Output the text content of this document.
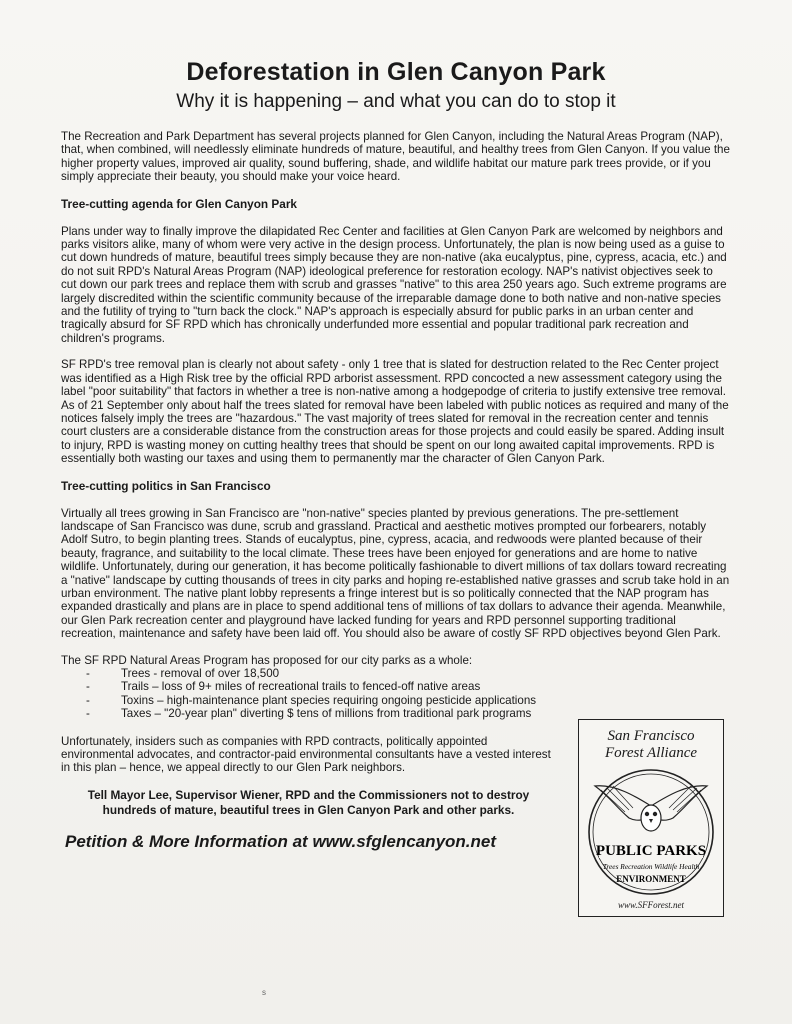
Deforestation in Glen Canyon Park
Why it is happening – and what you can do to stop it

The Recreation and Park Department has several projects planned for Glen Canyon, including the Natural Areas Program (NAP), that, when combined, will needlessly eliminate hundreds of mature, beautiful, and healthy trees from Glen Canyon. If you value the higher property values, improved air quality, sound buffering, shade, and wildlife habitat our mature park trees provide, or if you simply appreciate their beauty, you should make your voice heard.

Tree-cutting agenda for Glen Canyon Park

Plans under way to finally improve the dilapidated Rec Center and facilities at Glen Canyon Park are welcomed by neighbors and parks visitors alike, many of whom were very active in the design process. Unfortunately, the plan is now being used as a guise to cut down hundreds of mature, beautiful trees simply because they are non-native (aka eucalyptus, pine, cypress, acacia, etc.) and do not suit RPD's Natural Areas Program (NAP) ideological preference for restoration ecology. NAP's nativist objectives seek to cut down our park trees and replace them with scrub and grasses "native" to this area 250 years ago. Such extreme programs are largely discredited within the scientific community because of the irreparable damage done to both native and non-native species and the futility of trying to "turn back the clock." NAP's approach is especially absurd for public parks in an urban center and tragically absurd for SF RPD which has chronically underfunded more essential and popular traditional park recreation and children's programs.

SF RPD's tree removal plan is clearly not about safety - only 1 tree that is slated for destruction related to the Rec Center project was identified as a High Risk tree by the official RPD arborist assessment. RPD concocted a new assessment category using the label "poor suitability" that factors in whether a tree is non-native among a hodgepodge of criteria to justify extensive tree removal. As of 21 September only about half the trees slated for removal have been labeled with public notices as required and many of the notices falsely imply the trees are "hazardous." The vast majority of trees slated for removal in the recreation center and tennis court clusters are a considerable distance from the construction areas for those projects and could easily be spared. Adding insult to injury, RPD is wasting money on cutting healthy trees that should be spent on our long awaited capital improvements. RPD is essentially both wasting our taxes and using them to permanently mar the character of Glen Canyon Park.

Tree-cutting politics in San Francisco

Virtually all trees growing in San Francisco are "non-native" species planted by previous generations. The pre-settlement landscape of San Francisco was dune, scrub and grassland. Practical and aesthetic motives prompted our forbearers, notably Adolf Sutro, to begin planting trees. Stands of eucalyptus, pine, cypress, acacia, and redwoods were planted because of their beauty, fragrance, and suitability to the local climate. These trees have been enjoyed for generations and are home to native wildlife. Unfortunately, during our generation, it has become politically fashionable to divert millions of tax dollars toward recreating a "native" landscape by cutting thousands of trees in city parks and hoping re-established native grasses and scrub take hold in an urban environment. The native plant lobby represents a fringe interest but is so politically connected that the NAP program has expanded drastically and plans are in place to spend additional tens of millions of tax dollars to advance their agenda. Meanwhile, our Glen Park recreation center and playground have lacked funding for years and RPD personnel supporting traditional recreation, maintenance and safety have been laid off. You should also be aware of costly SF RPD objectives beyond Glen Park.

The SF RPD Natural Areas Program has proposed for our city parks as a whole:

-	Trees - removal of over 18,500
-	Trails – loss of 9+ miles of recreational trails to fenced-off native areas
-	Toxins – high-maintenance plant species requiring ongoing pesticide applications
-	Taxes – "20-year plan" diverting $ tens of millions from traditional park programs

Unfortunately, insiders such as companies with RPD contracts, politically appointed environmental advocates, and contractor-paid environmental consultants have a vested interest in this plan – hence, we appeal directly to our Glen Park neighbors.

Tell Mayor Lee, Supervisor Wiener, RPD and the Commissioners not to destroy hundreds of mature, beautiful trees in Glen Canyon Park and other parks.
Petition & More Information at www.sfglencanyon.net
San Francisco
Forest Alliance
PUBLIC PARKS
Trees Recreation Wildlife Health
ENVIRONMENT
www.SFForest.net
s
